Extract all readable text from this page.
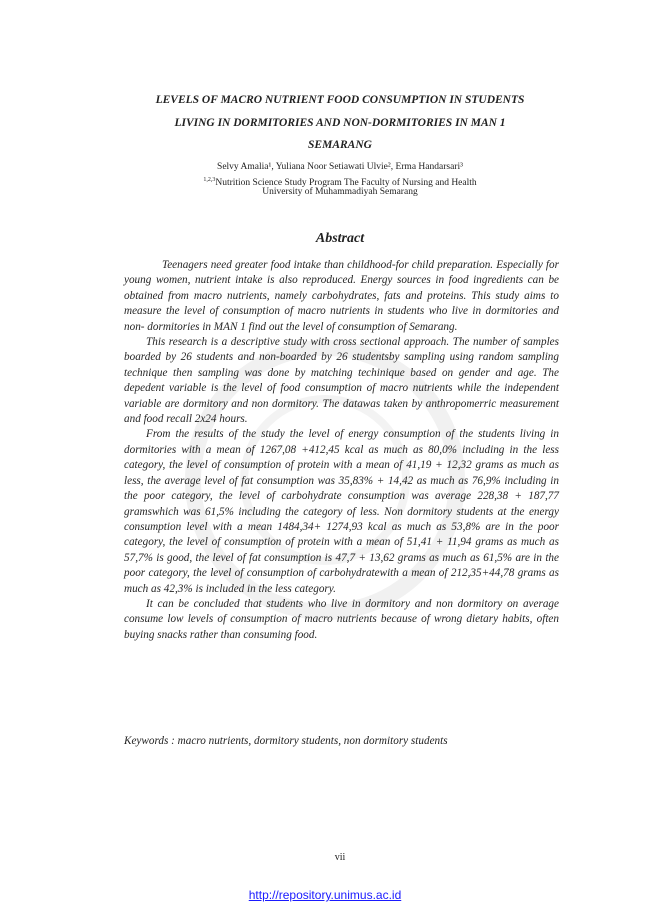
LEVELS OF MACRO NUTRIENT FOOD CONSUMPTION IN STUDENTS
LIVING IN DORMITORIES AND NON-DORMITORIES IN MAN 1
SEMARANG
Selvy Amalia¹, Yuliana Noor Setiawati Ulvie², Erma Handarsari³
$^{1,2,3}$Nutrition Science Study Program The Faculty of Nursing and Health
University of Muhammadiyah Semarang
Abstract

Teenagers need greater food intake than childhood-for child preparation. Especially for young women, nutrient intake is also reproduced. Energy sources in food ingredients can be obtained from macro nutrients, namely carbohydrates, fats and proteins. This study aims to measure the level of consumption of macro nutrients in students who live in dormitories and non- dormitories in MAN 1 find out the level of consumption of Semarang.

This research is a descriptive study with cross sectional approach. The number of samples boarded by 26 students and non-boarded by 26 studentsby sampling using random sampling technique then sampling was done by matching techinique based on gender and age. The depedent variable is the level of food consumption of macro nutrients while the independent variable are dormitory and non dormitory. The datawas taken by anthropomerric measurement and food recall 2x24 hours.

From the results of the study the level of energy consumption of the students living in dormitories with a mean of 1267,08 +412,45 kcal as much as 80,0% including in the less category, the level of consumption of protein with a mean of 41,19 + 12,32 grams as much as less, the average level of fat consumption was 35,83% + 14,42 as much as 76,9% including in the poor category, the level of carbohydrate consumption was average 228,38 + 187,77 gramswhich was 61,5% including the category of less. Non dormitory students at the energy consumption level with a mean 1484,34+ 1274,93 kcal as much as 53,8% are in the poor category, the level of consumption of protein with a mean of 51,41 + 11,94 grams as much as 57,7% is good, the level of fat consumption is 47,7 + 13,62 grams as much as 61,5% are in the poor category, the level of consumption of carbohydratewith a mean of 212,35+44,78 grams as much as 42,3% is included in the less category.

It can be concluded that students who live in dormitory and non dormitory on average consume low levels of consumption of macro nutrients because of wrong dietary habits, often buying snacks rather than consuming food.

Keywords : macro nutrients, dormitory students, non dormitory students
vii
http://repository.unimus.ac.id
